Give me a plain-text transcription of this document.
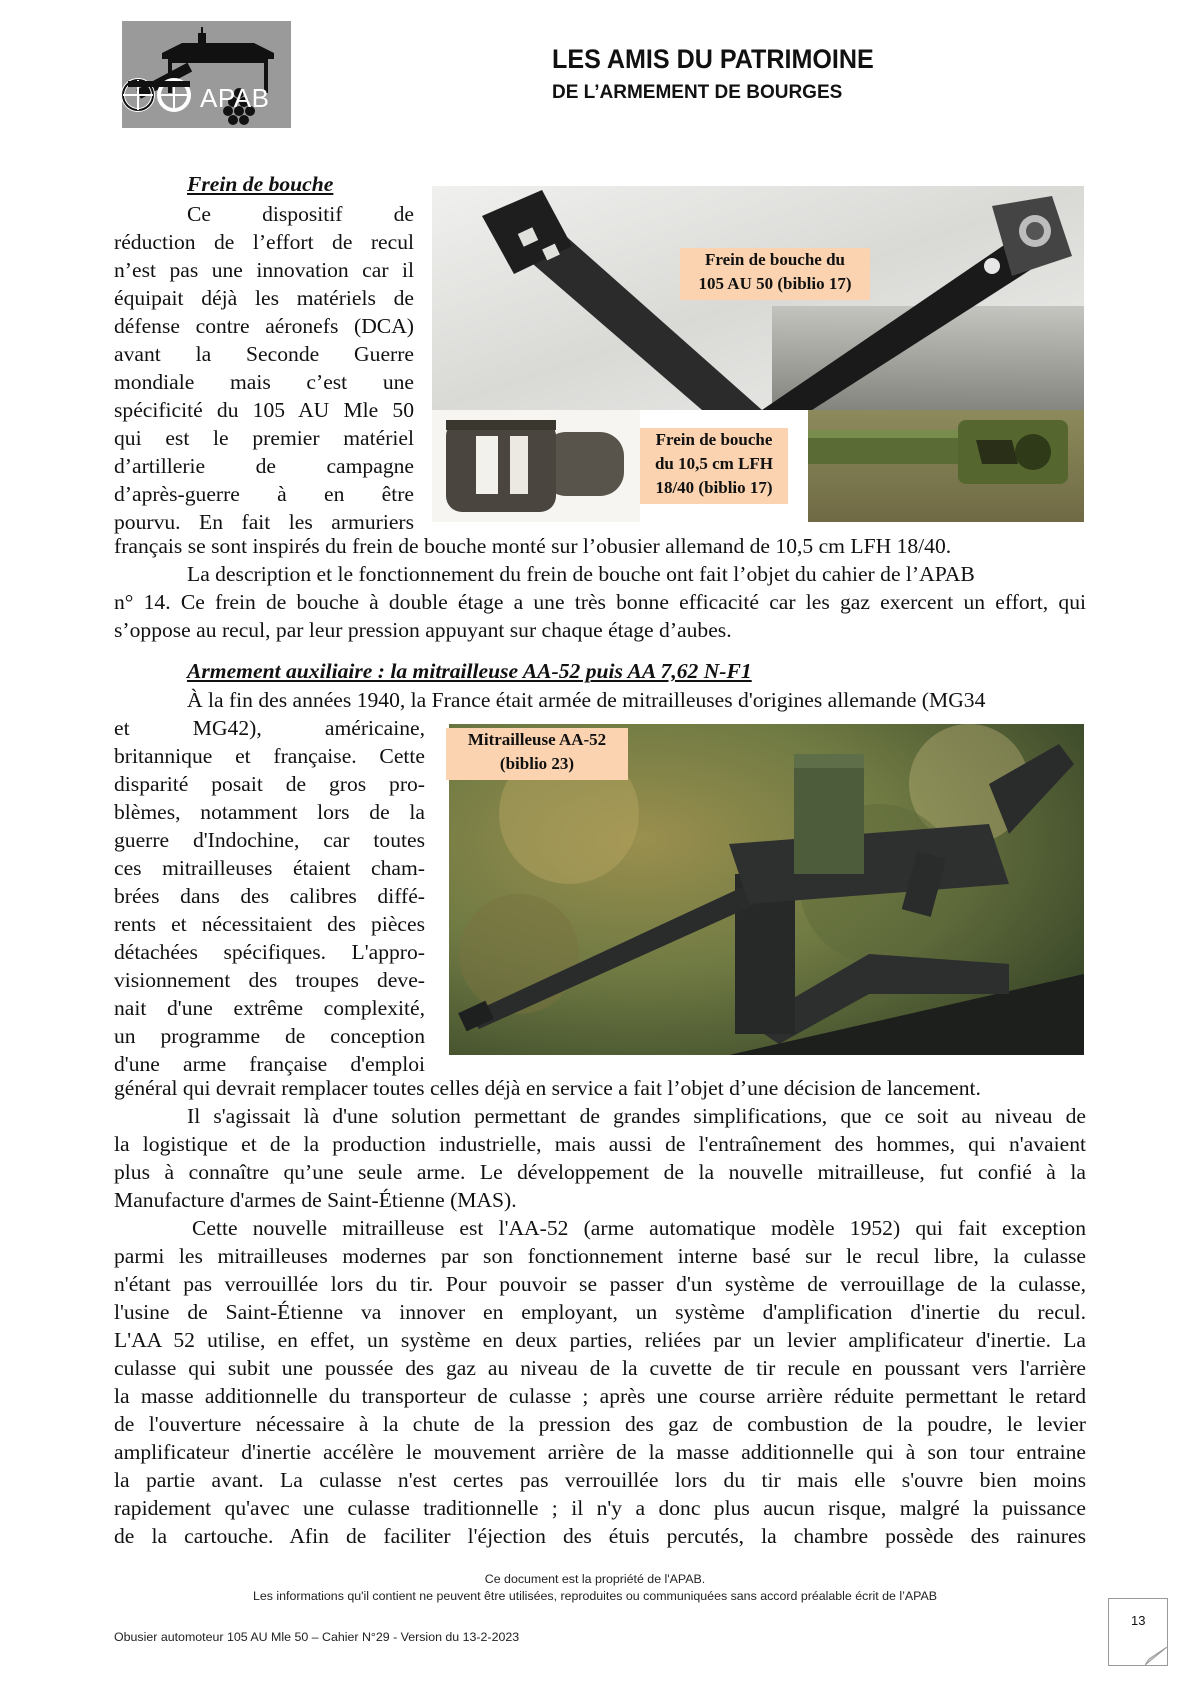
APAB
LES AMIS DU PATRIMOINE
DE L’ARMEMENT DE BOURGES
Frein de bouche
Ce dispositif de
réduction de l’effort de recul
n’est pas une innovation car il
équipait déjà les matériels de
défense contre aéronefs (DCA)
avant la Seconde Guerre
mondiale mais c’est une
spécificité du 105 AU Mle 50
qui est le premier matériel
d’artillerie de campagne
d’après-guerre à en être
pourvu. En fait les armuriers
Frein de bouche du
105 AU 50 (biblio 17)
Frein de bouche
du 10,5 cm LFH
18/40 (biblio 17)
français se sont inspirés du frein de bouche monté sur l’obusier allemand de 10,5 cm LFH 18/40.
La description et le fonctionnement du frein de bouche ont fait l’objet du cahier de l’APAB
n° 14. Ce frein de bouche à double étage a une très bonne efficacité car les gaz exercent un effort, qui
s’oppose au recul, par leur pression appuyant sur chaque étage d’aubes.
Armement auxiliaire : la mitrailleuse AA-52 puis AA 7,62 N-F1
À la fin des années 1940, la France était armée de mitrailleuses d'origines allemande (MG34
et MG42), américaine,
britannique et française. Cette
disparité posait de gros pro-
blèmes, notamment lors de la
guerre d'Indochine, car toutes
ces mitrailleuses étaient cham-
brées dans des calibres diffé-
rents et nécessitaient des pièces
détachées spécifiques. L'appro-
visionnement des troupes deve-
nait d'une extrême complexité,
un programme de conception
d'une arme française d'emploi
Mitrailleuse AA-52
(biblio 23)
général qui devrait remplacer toutes celles déjà en service a fait l’objet d’une décision de lancement.
Il s'agissait là d'une solution permettant de grandes simplifications, que ce soit au niveau de
la logistique et de la production industrielle, mais aussi de l'entraînement des hommes, qui n'avaient
plus à connaître qu’une seule arme. Le développement de la nouvelle mitrailleuse, fut confié à la
Manufacture d'armes de Saint-Étienne (MAS).
Cette nouvelle mitrailleuse est l'AA-52 (arme automatique modèle 1952) qui fait exception
parmi les mitrailleuses modernes par son fonctionnement interne basé sur le recul libre, la culasse
n'étant pas verrouillée lors du tir. Pour pouvoir se passer d'un système de verrouillage de la culasse,
l'usine de Saint-Étienne va innover en employant, un système d'amplification d'inertie du recul.
L'AA 52 utilise, en effet, un système en deux parties, reliées par un levier amplificateur d'inertie. La
culasse qui subit une poussée des gaz au niveau de la cuvette de tir recule en poussant vers l'arrière
la masse additionnelle du transporteur de culasse ; après une course arrière réduite permettant le retard
de l'ouverture nécessaire à la chute de la pression des gaz de combustion de la poudre, le levier
amplificateur d'inertie accélère le mouvement arrière de la masse additionnelle qui à son tour entraine
la partie avant. La culasse n'est certes pas verrouillée lors du tir mais elle s'ouvre bien moins
rapidement qu'avec une culasse traditionnelle ; il n'y a donc plus aucun risque, malgré la puissance
de la cartouche. Afin de faciliter l'éjection des étuis percutés, la chambre possède des rainures
Ce document est la propriété de l'APAB.
Les informations qu'il contient ne peuvent être utilisées, reproduites ou communiquées sans accord préalable écrit de l’APAB
Obusier automoteur 105 AU Mle 50 – Cahier N°29 - Version du 13-2-2023
13
